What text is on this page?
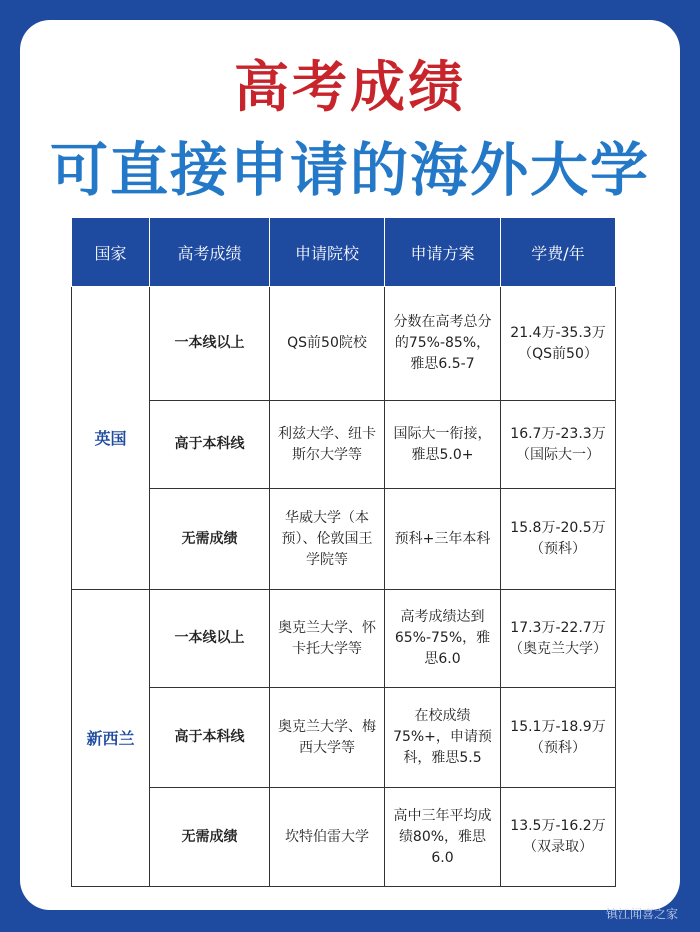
高考成绩
可直接申请的海外大学
国家	高考成绩	申请院校	申请方案	学费/年
英国	一本线以上	QS前50院校	分数在高考总分的75%-85%，雅思6.5-7	21.4万-35.3万（QS前50）
	高于本科线	利兹大学、纽卡斯尔大学等	国际大一衔接，雅思5.0+	16.7万-23.3万（国际大一）
	无需成绩	华威大学（本预）、伦敦国王学院等	预科+三年本科	15.8万-20.5万（预科）
新西兰	一本线以上	奥克兰大学、怀卡托大学等	高考成绩达到65%-75%，雅思6.0	17.3万-22.7万（奥克兰大学）
	高于本科线	奥克兰大学、梅西大学等	在校成绩75%+，申请预科，雅思5.5	15.1万-18.9万（预科）
	无需成绩	坎特伯雷大学	高中三年平均成绩80%，雅思6.0	13.5万-16.2万（双录取）
镇江闻喜之家
